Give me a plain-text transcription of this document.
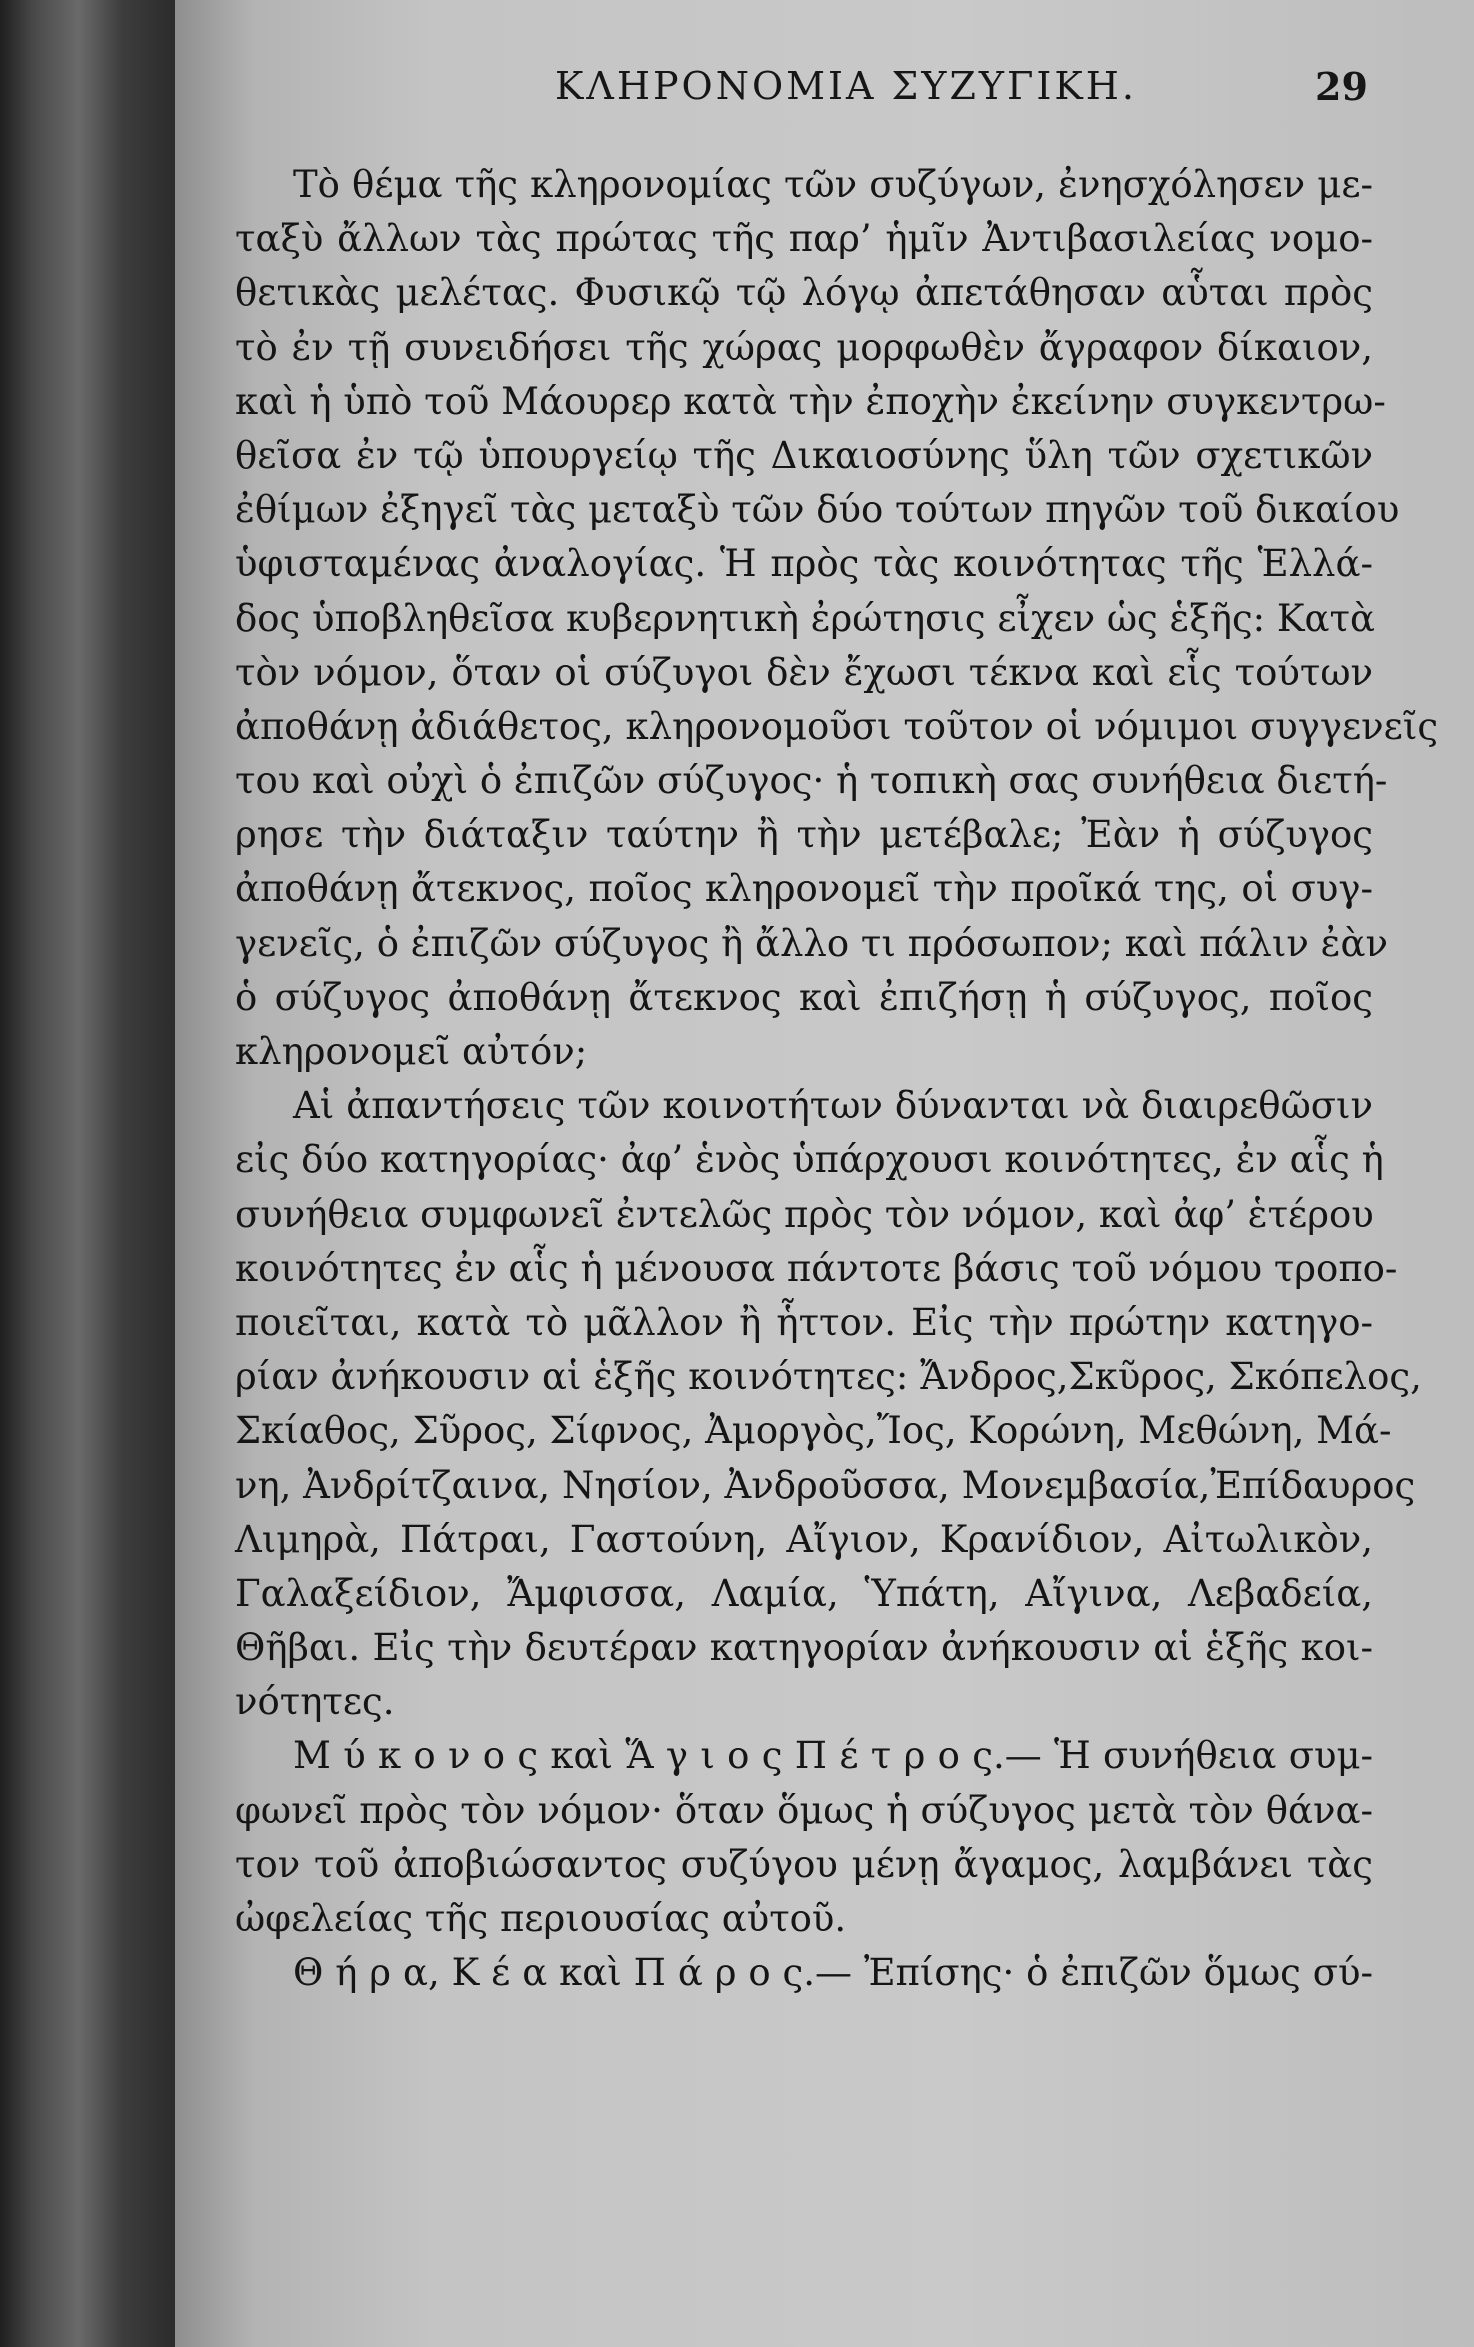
ΚΛΗΡΟΝΟΜΙΑ ΣΥΖΥΓΙΚΗ.	29
Τὸ θέμα τῆς κληρονομίας τῶν συζύγων, ἐνησχόλησεν με-
ταξὺ ἄλλων τὰς πρώτας τῆς παρ’ ἡμῖν Ἀντιβασιλείας νομο-
θετικὰς μελέτας. Φυσικῷ τῷ λόγῳ ἀπετάθησαν αὗται πρὸς
τὸ ἐν τῇ συνειδήσει τῆς χώρας μορφωθὲν ἄγραφον δίκαιον,
καὶ ἡ ὑπὸ τοῦ Μάουρερ κατὰ τὴν ἐποχὴν ἐκείνην συγκεντρω-
θεῖσα ἐν τῷ ὑπουργείῳ τῆς Δικαιοσύνης ὕλη τῶν σχετικῶν
ἐθίμων ἐξηγεῖ τὰς μεταξὺ τῶν δύο τούτων πηγῶν τοῦ δικαίου
ὑφισταμένας ἀναλογίας. Ἡ πρὸς τὰς κοινότητας τῆς Ἑλλά-
δος ὑποβληθεῖσα κυβερνητικὴ ἐρώτησις εἶχεν ὡς ἑξῆς: Κατὰ
τὸν νόμον, ὅταν οἱ σύζυγοι δὲν ἔχωσι τέκνα καὶ εἷς τούτων
ἀποθάνῃ ἀδιάθετος, κληρονομοῦσι τοῦτον οἱ νόμιμοι συγγενεῖς
του καὶ οὐχὶ ὁ ἐπιζῶν σύζυγος· ἡ τοπικὴ σας συνήθεια διετή-
ρησε τὴν διάταξιν ταύτην ἢ τὴν μετέβαλε; Ἐὰν ἡ σύζυγος
ἀποθάνῃ ἄτεκνος, ποῖος κληρονομεῖ τὴν προῖκά της, οἱ συγ-
γενεῖς, ὁ ἐπιζῶν σύζυγος ἢ ἄλλο τι πρόσωπον; καὶ πάλιν ἐὰν
ὁ σύζυγος ἀποθάνῃ ἄτεκνος καὶ ἐπιζήσῃ ἡ σύζυγος, ποῖος
κληρονομεῖ αὐτόν;
Αἱ ἀπαντήσεις τῶν κοινοτήτων δύνανται νὰ διαιρεθῶσιν
εἰς δύο κατηγορίας· ἀφ’ ἑνὸς ὑπάρχουσι κοινότητες, ἐν αἷς ἡ
συνήθεια συμφωνεῖ ἐντελῶς πρὸς τὸν νόμον, καὶ ἀφ’ ἑτέρου
κοινότητες ἐν αἷς ἡ μένουσα πάντοτε βάσις τοῦ νόμου τροπο-
ποιεῖται, κατὰ τὸ μᾶλλον ἢ ἧττον. Εἰς τὴν πρώτην κατηγο-
ρίαν ἀνήκουσιν αἱ ἑξῆς κοινότητες: Ἄνδρος,Σκῦρος, Σκόπελος,
Σκίαθος, Σῦρος, Σίφνος, Ἀμοργὸς,Ἴος, Κορώνη, Μεθώνη, Μά-
νη, Ἀνδρίτζαινα, Νησίον, Ἀνδροῦσσα, Μονεμβασία,Ἐπίδαυρος
Λιμηρὰ, Πάτραι, Γαστούνη, Αἴγιον, Κρανίδιον, Αἰτωλικὸν,
Γαλαξείδιον, Ἄμφισσα, Λαμία, Ὑπάτη, Αἴγινα, Λεβαδεία,
Θῆβαι. Εἰς τὴν δευτέραν κατηγορίαν ἀνήκουσιν αἱ ἑξῆς κοι-
νότητες.
Μ ύ κ ο ν ο ς καὶ Ἅ γ ι ο ς Π έ τ ρ ο ς.— Ἡ συνήθεια συμ-
φωνεῖ πρὸς τὸν νόμον· ὅταν ὅμως ἡ σύζυγος μετὰ τὸν θάνα-
τον τοῦ ἀποβιώσαντος συζύγου μένῃ ἄγαμος, λαμβάνει τὰς
ὠφελείας τῆς περιουσίας αὐτοῦ.
Θ ή ρ α, Κ έ α καὶ Π ά ρ ο ς.— Ἐπίσης· ὁ ἐπιζῶν ὅμως σύ-
